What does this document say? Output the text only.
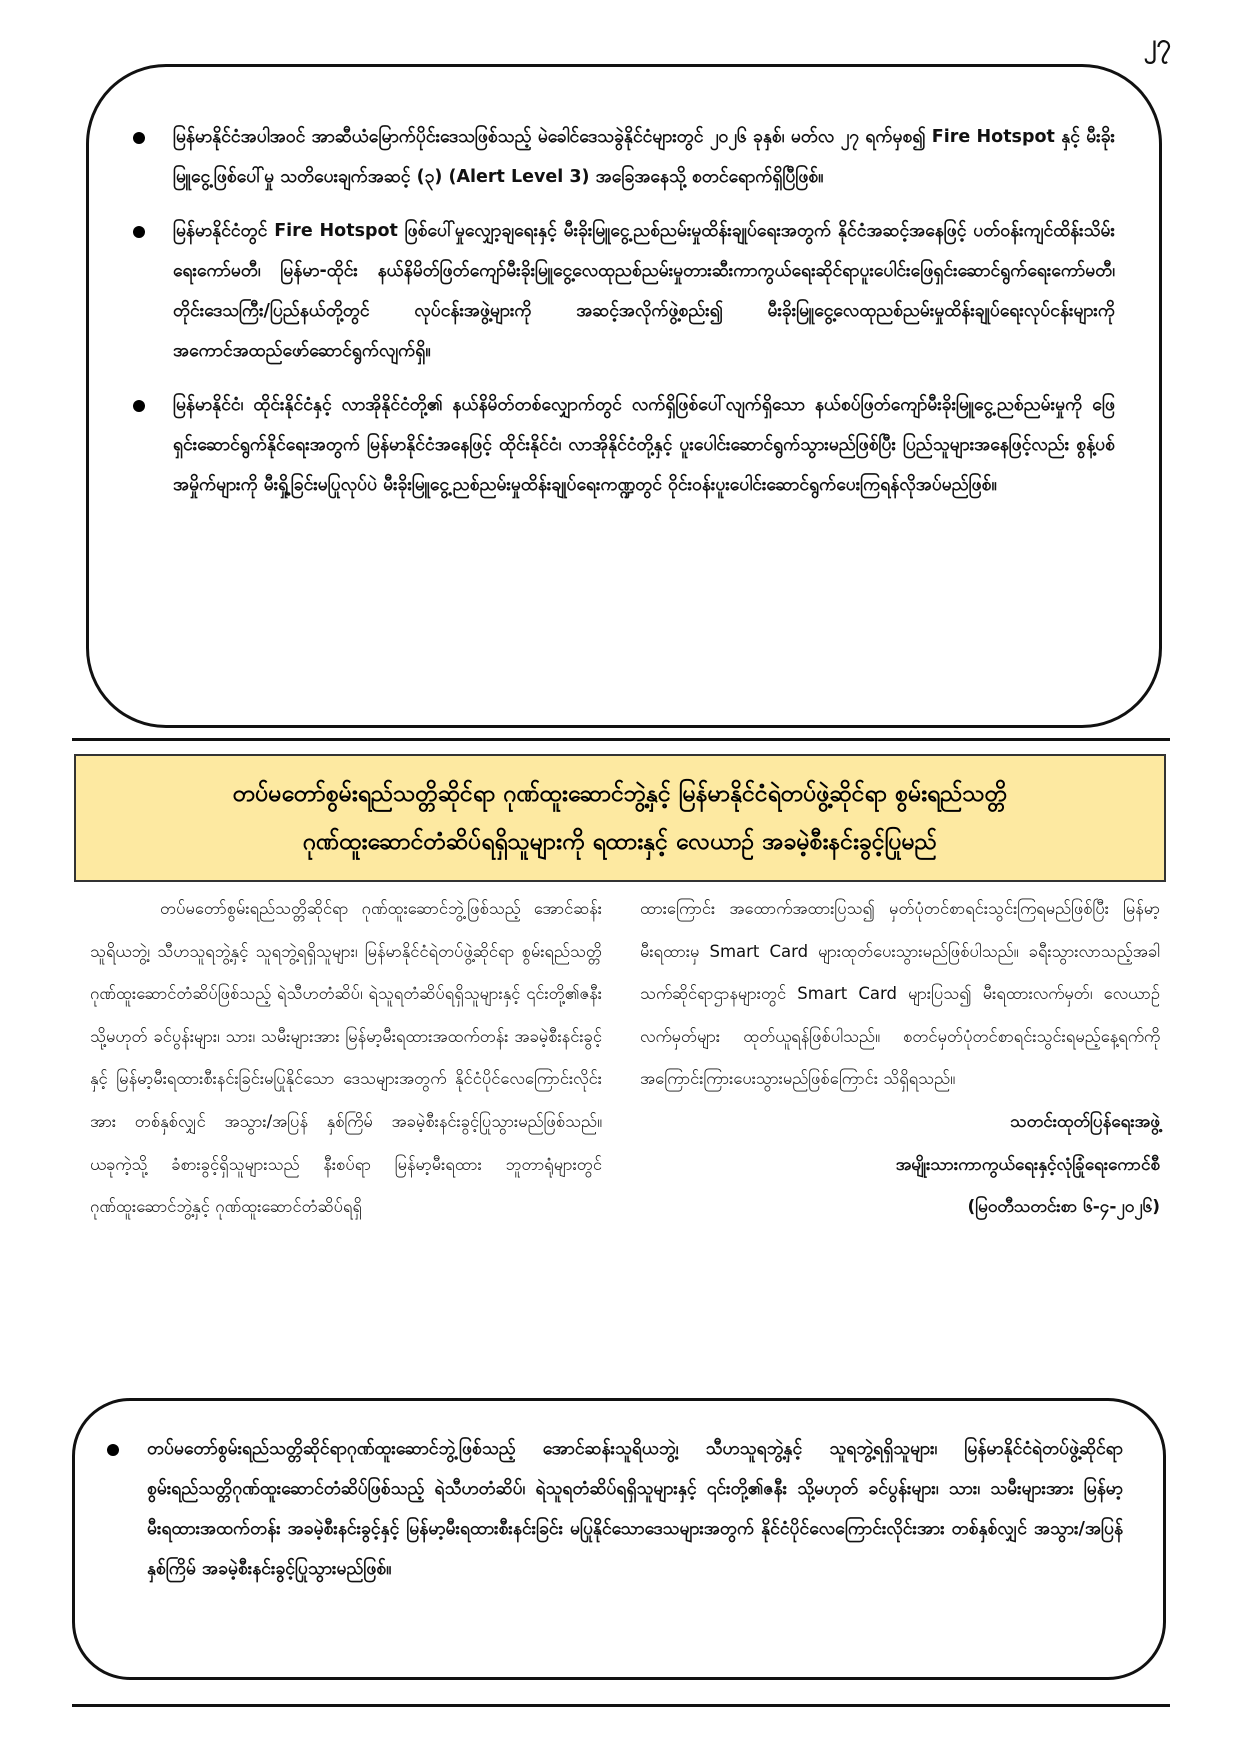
၂၇
မြန်မာနိုင်ငံအပါအဝင် အာဆီယံမြောက်ပိုင်းဒေသဖြစ်သည့် မဲခေါင်ဒေသခွဲနိုင်ငံများတွင် ၂၀၂၆ ခုနှစ်၊ မတ်လ ၂၇ ရက်မှစ၍ Fire Hotspot နှင့် မီးခိုးမြူငွေ့ဖြစ်ပေါ်မှု သတိပေးချက်အဆင့် (၃) (Alert Level 3) အခြေအနေသို့ စတင်ရောက်ရှိပြီဖြစ်။
မြန်မာနိုင်ငံတွင် Fire Hotspot ဖြစ်ပေါ်မှုလျှော့ချရေးနှင့် မီးခိုးမြူငွေ့ညစ်ညမ်းမှုထိန်းချုပ်ရေးအတွက် နိုင်ငံအဆင့်အနေဖြင့် ပတ်ဝန်းကျင်ထိန်းသိမ်းရေးကော်မတီ၊ မြန်မာ-ထိုင်း နယ်နိမိတ်ဖြတ်ကျော်မီးခိုးမြူငွေ့လေထုညစ်ညမ်းမှုတားဆီးကာကွယ်ရေးဆိုင်ရာပူးပေါင်းဖြေရှင်းဆောင်ရွက်ရေးကော်မတီ၊ တိုင်းဒေသကြီး/ပြည်နယ်တို့တွင် လုပ်ငန်းအဖွဲ့များကို အဆင့်အလိုက်ဖွဲ့စည်း၍ မီးခိုးမြူငွေ့လေထုညစ်ညမ်းမှုထိန်းချုပ်ရေးလုပ်ငန်းများကို အကောင်အထည်ဖော်ဆောင်ရွက်လျက်ရှိ။
မြန်မာနိုင်ငံ၊ ထိုင်းနိုင်ငံနှင့် လာအိုနိုင်ငံတို့၏ နယ်နိမိတ်တစ်လျှောက်တွင် လက်ရှိဖြစ်ပေါ်လျက်ရှိသော နယ်စပ်ဖြတ်ကျော်မီးခိုးမြူငွေ့ညစ်ညမ်းမှုကို ဖြေရှင်းဆောင်ရွက်နိုင်ရေးအတွက် မြန်မာနိုင်ငံအနေဖြင့် ထိုင်းနိုင်ငံ၊ လာအိုနိုင်ငံတို့နှင့် ပူးပေါင်းဆောင်ရွက်သွားမည်ဖြစ်ပြီး ပြည်သူများအနေဖြင့်လည်း စွန့်ပစ်အမှိုက်များကို မီးရှို့ခြင်းမပြုလုပ်ပဲ မီးခိုးမြူငွေ့ညစ်ညမ်းမှုထိန်းချုပ်ရေးကဏ္ဍတွင် ဝိုင်းဝန်းပူးပေါင်းဆောင်ရွက်ပေးကြရန်လိုအပ်မည်ဖြစ်။
တပ်မတော်စွမ်းရည်သတ္တိဆိုင်ရာ ဂုဏ်ထူးဆောင်ဘွဲ့နှင့် မြန်မာနိုင်ငံရဲတပ်ဖွဲ့ဆိုင်ရာ စွမ်းရည်သတ္တိ
ဂုဏ်ထူးဆောင်တံဆိပ်ရရှိသူများကို ရထားနှင့် လေယာဉ် အခမဲ့စီးနင်းခွင့်ပြုမည်
တပ်မတော်စွမ်းရည်သတ္တိဆိုင်ရာ ဂုဏ်ထူးဆောင်ဘွဲ့ဖြစ်သည့် အောင်ဆန်းသူရိယဘွဲ့၊ သီဟသူရဘွဲ့နှင့် သူရဘွဲ့ရရှိသူများ၊ မြန်မာနိုင်ငံရဲတပ်ဖွဲ့ဆိုင်ရာ စွမ်းရည်သတ္တိဂုဏ်ထူးဆောင်တံဆိပ်ဖြစ်သည့် ရဲသီဟတံဆိပ်၊ ရဲသူရတံဆိပ်ရရှိသူများနှင့် ၎င်းတို့၏ဇနီး သို့မဟုတ် ခင်ပွန်းများ၊ သား၊ သမီးများအား မြန်မာ့မီးရထားအထက်တန်း အခမဲ့စီးနင်းခွင့်နှင့် မြန်မာ့မီးရထားစီးနင်းခြင်းမပြုနိုင်သော ဒေသများအတွက် နိုင်ငံပိုင်လေကြောင်းလိုင်းအား တစ်နှစ်လျှင် အသွား/အပြန် နှစ်ကြိမ် အခမဲ့စီးနင်းခွင့်ပြုသွားမည်ဖြစ်သည်။ ယခုကဲ့သို့ ခံစားခွင့်ရှိသူများသည် နီးစပ်ရာ မြန်မာ့မီးရထား ဘူတာရုံများတွင် ဂုဏ်ထူးဆောင်ဘွဲ့နှင့် ဂုဏ်ထူးဆောင်တံဆိပ်ရရှိ

ထားကြောင်း အထောက်အထားပြသ၍ မှတ်ပုံတင်စာရင်းသွင်းကြရမည်ဖြစ်ပြီး မြန်မာ့မီးရထားမှ Smart Card များထုတ်ပေးသွားမည်ဖြစ်ပါသည်။ ခရီးသွားလာသည့်အခါ သက်ဆိုင်ရာဌာနများတွင် Smart Card များပြသ၍ မီးရထားလက်မှတ်၊ လေယာဉ်လက်မှတ်များ ထုတ်ယူရန်ဖြစ်ပါသည်။ စတင်မှတ်ပုံတင်စာရင်းသွင်းရမည့်နေ့ရက်ကို အကြောင်းကြားပေးသွားမည်ဖြစ်ကြောင်း သိရှိရသည်။

သတင်းထုတ်ပြန်ရေးအဖွဲ့
အမျိုးသားကာကွယ်ရေးနှင့်လုံခြုံရေးကောင်စီ
(မြဝတီသတင်းစာ ၆-၄-၂၀၂၆)
တပ်မတော်စွမ်းရည်သတ္တိဆိုင်ရာဂုဏ်ထူးဆောင်ဘွဲ့ဖြစ်သည့် အောင်ဆန်းသူရိယဘွဲ့၊ သီဟသူရဘွဲ့နှင့် သူရဘွဲ့ရရှိသူများ၊ မြန်မာနိုင်ငံရဲတပ်ဖွဲ့ဆိုင်ရာ စွမ်းရည်သတ္တိဂုဏ်ထူးဆောင်တံဆိပ်ဖြစ်သည့် ရဲသီဟတံဆိပ်၊ ရဲသူရတံဆိပ်ရရှိသူများနှင့် ၎င်းတို့၏ဇနီး သို့မဟုတ် ခင်ပွန်းများ၊ သား၊ သမီးများအား မြန်မာ့မီးရထားအထက်တန်း အခမဲ့စီးနင်းခွင့်နှင့် မြန်မာ့မီးရထားစီးနင်းခြင်း မပြုနိုင်သောဒေသများအတွက် နိုင်ငံပိုင်လေကြောင်းလိုင်းအား တစ်နှစ်လျှင် အသွား/အပြန် နှစ်ကြိမ် အခမဲ့စီးနင်းခွင့်ပြုသွားမည်ဖြစ်။
